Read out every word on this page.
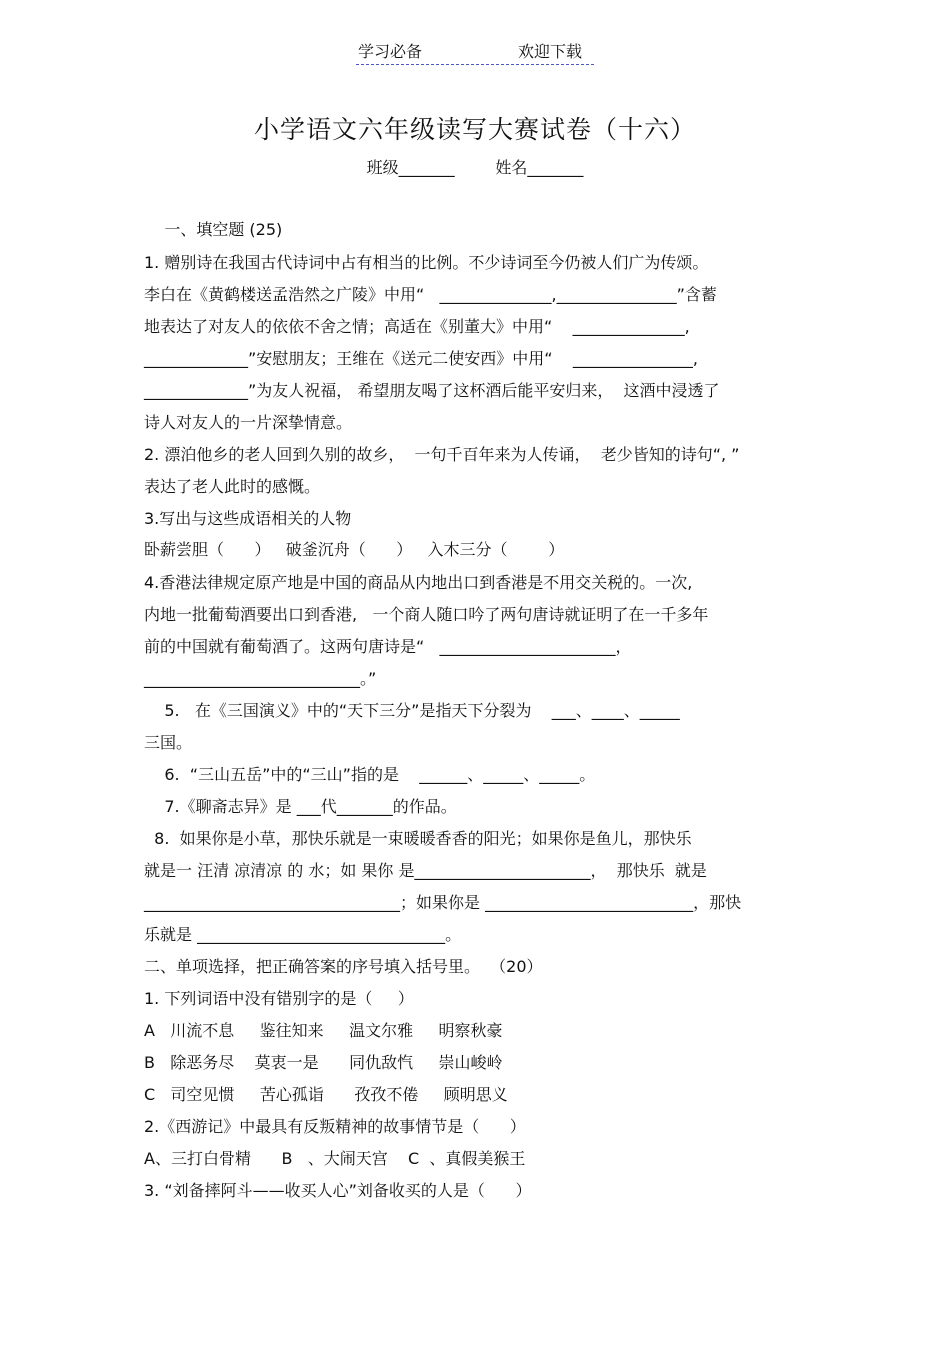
学习必备	欢迎下载
小学语文六年级读写大赛试卷（十六）
班级_______	姓名_______

一、填空题 (25)

1. 赠别诗在我国古代诗词中占有相当的比例。不少诗词至今仍被人们广为传颂。

李白在《黄鹤楼送孟浩然之广陵》中用“   ______________,_______________”含蓄

地表达了对友人的依依不舍之情；高适在《别董大》中用“    ______________,

_____________”安慰朋友；王维在《送元二使安西》中用“    _______________,

_____________”为友人祝福， 希望朋友喝了这杯酒后能平安归来，  这酒中浸透了

诗人对友人的一片深挚情意。

2. 漂泊他乡的老人回到久别的故乡，  一句千百年来为人传诵，  老少皆知的诗句“, ”

表达了老人此时的感慨。

3.写出与这些成语相关的人物

卧薪尝胆（      ）   破釜沉舟（      ）   入木三分（        ）

4.香港法律规定原产地是中国的商品从内地出口到香港是不用交关税的。一次,

内地一批葡萄酒要出口到香港,   一个商人随口吟了两句唐诗就证明了在一千多年

前的中国就有葡萄酒了。这两句唐诗是“   ______________________，

___________________________。”

5.   在《三国演义》中的“天下三分”是指天下分裂为    ___、____、_____

三国。

6.  “三山五岳”中的“三山”指的是    ______、_____、_____。

7.《聊斋志异》是 ___代_______的作品。

8.  如果你是小草，那快乐就是一束暖暖香香的阳光；如果你是鱼儿，那快乐

就是一 汪清 凉清凉 的 水；如 果你 是______________________，  那快乐  就是

________________________________；如果你是 __________________________，那快

乐就是 _______________________________。

二、单项选择，把正确答案的序号填入括号里。  （20）

1. 下列词语中没有错别字的是（     ）

A   川流不息     鉴往知来     温文尔雅     明察秋豪

B   除恶务尽    莫衷一是      同仇敌忾     崇山峻岭

C   司空见惯     苦心孤诣      孜孜不倦     顾明思义

2.《西游记》中最具有反叛精神的故事情节是（      ）

A、三打白骨精      B   、大闹天宫    C  、真假美猴王

3. “刘备摔阿斗——收买人心”刘备收买的人是（      ）
